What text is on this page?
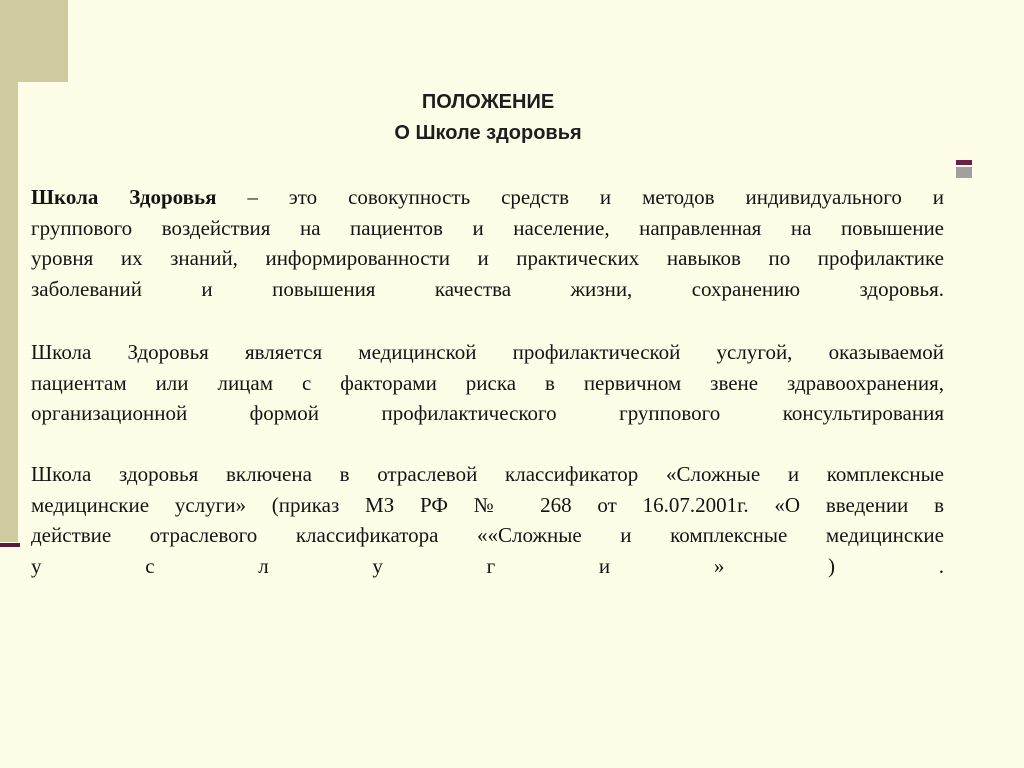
ПОЛОЖЕНИЕ
О Школе здоровья

Школа Здоровья – это совокупность средств и методов индивидуального и
группового воздействия на пациентов и население, направленная на повышение
уровня их знаний, информированности и практических навыков по профилактике
заболеваний и повышения качества жизни, сохранению здоровья.

Школа Здоровья является медицинской профилактической услугой, оказываемой
пациентам или лицам с факторами риска в первичном звене здравоохранения,
организационной формой профилактического группового консультирования

Школа здоровья включена в отраслевой классификатор «Сложные и комплексные
медицинские услуги» (приказ МЗ РФ № 268 от 16.07.2001г. «О введении в
действие отраслевого классификатора ««Сложные и комплексные медицинские
у с л у г и » ) .
